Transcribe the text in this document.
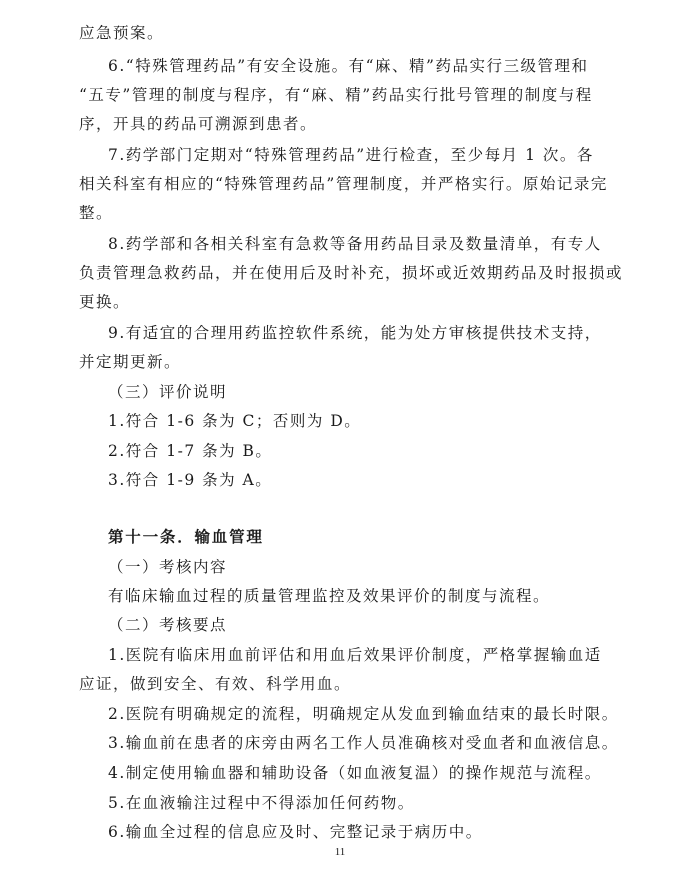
应急预案。
6.“特殊管理药品”有安全设施。有“麻、精”药品实行三级管理和
“五专”管理的制度与程序，有“麻、精”药品实行批号管理的制度与程
序，开具的药品可溯源到患者。
7.药学部门定期对“特殊管理药品”进行检查，至少每月 1 次。各
相关科室有相应的“特殊管理药品”管理制度，并严格实行。原始记录完
整。
8.药学部和各相关科室有急救等备用药品目录及数量清单，有专人
负责管理急救药品，并在使用后及时补充，损坏或近效期药品及时报损或
更换。
9.有适宜的合理用药监控软件系统，能为处方审核提供技术支持，
并定期更新。
（三）评价说明
1.符合 1-6 条为 C；否则为 D。
2.符合 1-7 条为 B。
3.符合 1-9 条为 A。
第十一条．输血管理
（一）考核内容
有临床输血过程的质量管理监控及效果评价的制度与流程。
（二）考核要点
1.医院有临床用血前评估和用血后效果评价制度，严格掌握输血适
应证，做到安全、有效、科学用血。
2.医院有明确规定的流程，明确规定从发血到输血结束的最长时限。
3.输血前在患者的床旁由两名工作人员准确核对受血者和血液信息。
4.制定使用输血器和辅助设备（如血液复温）的操作规范与流程。
5.在血液输注过程中不得添加任何药物。
6.输血全过程的信息应及时、完整记录于病历中。
11
